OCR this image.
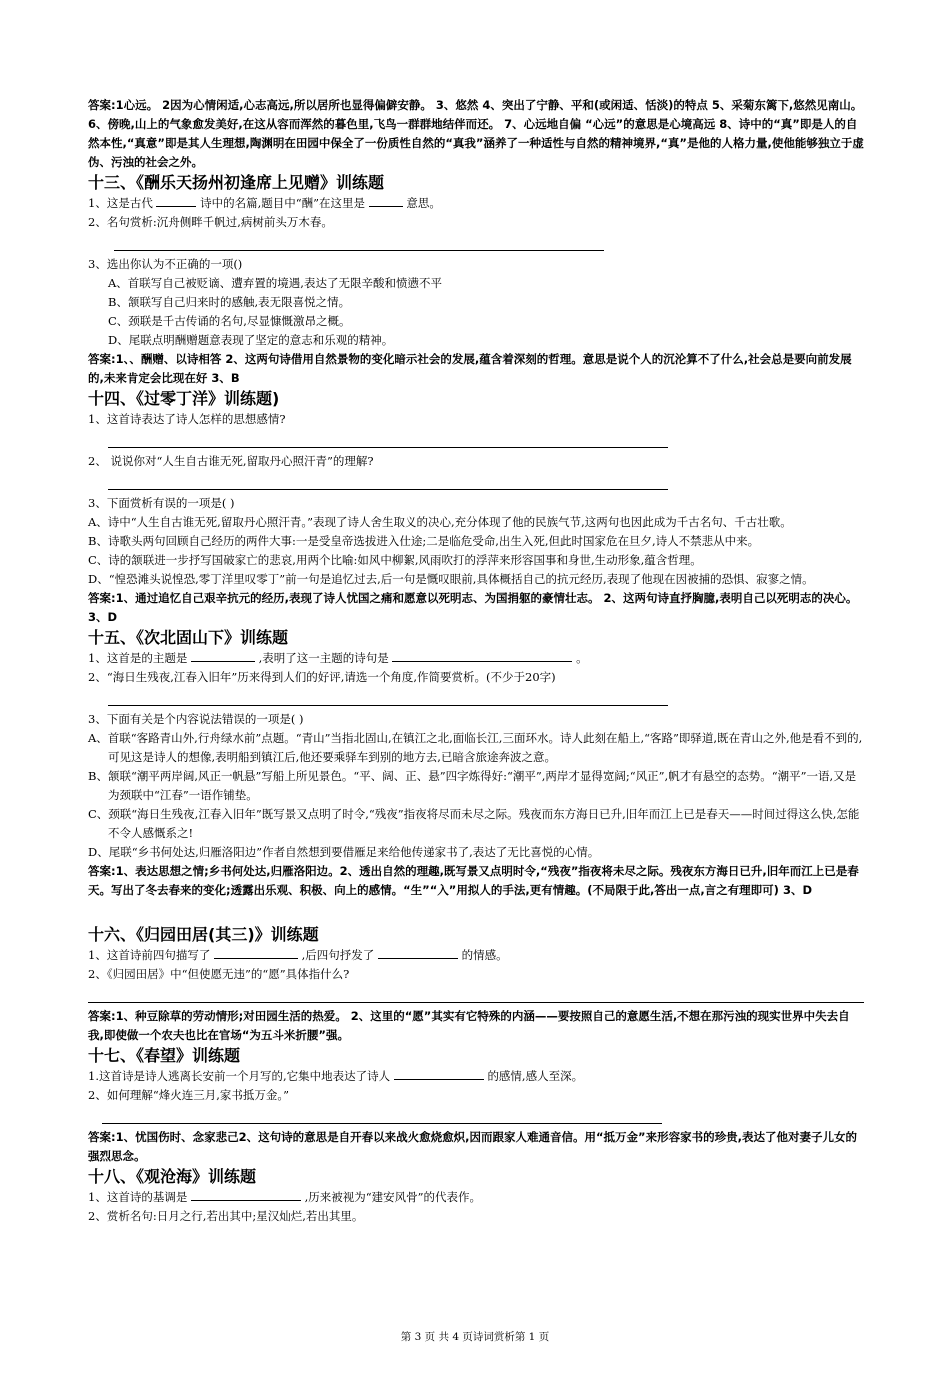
答案:1心远。 2因为心情闲适,心志高远,所以居所也显得偏僻安静。 3、悠然 4、突出了宁静、平和(或闲适、恬淡)的特点 5、采菊东篱下,悠然见南山。 6、傍晚,山上的气象愈发美好,在这从容而浑然的暮色里,飞鸟一群群地结伴而还。 7、心远地自偏 “心远”的意思是心境高远 8、诗中的“真”即是人的自然本性,“真意”即是其人生理想,陶渊明在田园中保全了一份质性自然的“真我”涵养了一种适性与自然的精神境界,“真”是他的人格力量,使他能够独立于虚伪、污浊的社会之外。

十三、《酬乐天扬州初逢席上见赠》训练题

1、这是古代	诗中的名篇,题目中“酬”在这里是	意思。

2、名句赏析:沉舟侧畔千帆过,病树前头万木春。

3、选出你认为不正确的一项()

A、首联写自己被贬谪、遭弃置的境遇,表达了无限辛酸和愤懑不平

B、颔联写自己归来时的感触,表无限喜悦之情。

C、颈联是千古传诵的名句,尽显慷慨激昂之概。

D、尾联点明酬赠题意表现了坚定的意志和乐观的精神。

答案:1、、酬赠、以诗相答 2、这两句诗借用自然景物的变化暗示社会的发展,蕴含着深刻的哲理。意思是说个人的沉沦算不了什么,社会总是要向前发展的,未来肯定会比现在好 3、B

十四、《过零丁洋》训练题)

1、这首诗表达了诗人怎样的思想感情?

2、 说说你对“人生自古谁无死,留取丹心照汗青”的理解?

3、下面赏析有误的一项是( )

A、诗中“人生自古谁无死,留取丹心照汗青。”表现了诗人舍生取义的决心,充分体现了他的民族气节,这两句也因此成为千古名句、千古壮歌。

B、诗歌头两句回顾自己经历的两件大事:一是受皇帝选拔进入仕途;二是临危受命,出生入死,但此时国家危在旦夕,诗人不禁悲从中来。

C、诗的颔联进一步抒写国破家亡的悲哀,用两个比喻:如风中柳絮,风雨吹打的浮萍来形容国事和身世,生动形象,蕴含哲理。

D、“惶恐滩头说惶恐,零丁洋里叹零丁”前一句是追忆过去,后一句是慨叹眼前,具体概括自己的抗元经历,表现了他现在因被捕的恐惧、寂寥之情。

答案:1、通过追忆自己艰辛抗元的经历,表现了诗人忧国之痛和愿意以死明志、为国捐躯的豪情壮志。 2、这两句诗直抒胸臆,表明自己以死明志的决心。 3、D

十五、《次北固山下》训练题

1、这首是的主题是	,表明了这一主题的诗句是	。

2、“海日生残夜,江春入旧年”历来得到人们的好评,请选一个角度,作简要赏析。(不少于20字)

3、下面有关是个内容说法错误的一项是( )

A、首联“客路青山外,行舟绿水前”点题。“青山”当指北固山,在镇江之北,面临长江,三面环水。诗人此刻在船上,“客路”即驿道,既在青山之外,他是看不到的,可见这是诗人的想像,表明船到镇江后,他还要乘驿车到别的地方去,已暗含旅途奔波之意。

B、颔联“潮平两岸阔,风正一帆悬”写船上所见景色。“平、阔、正、悬”四字炼得好:“潮平”,两岸才显得宽阔;“风正”,帆才有悬空的态势。“潮平”一语,又是为颈联中“江春”一语作铺垫。

C、颈联“海日生残夜,江春入旧年”既写景又点明了时令,“残夜”指夜将尽而未尽之际。残夜而东方海日已升,旧年而江上已是春天——时间过得这么快,怎能不令人感慨系之!

D、尾联“乡书何处达,归雁洛阳边”作者自然想到要借雁足来给他传递家书了,表达了无比喜悦的心情。

答案:1、表达思想之情;乡书何处达,归雁洛阳边。2、透出自然的理趣,既写景又点明时令,“残夜”指夜将未尽之际。残夜东方海日已升,旧年而江上已是春天。写出了冬去春来的变化;透露出乐观、积极、向上的感情。“生”“入”用拟人的手法,更有情趣。(不局限于此,答出一点,言之有理即可) 3、D

十六、《归园田居(其三)》训练题

1、这首诗前四句描写了	,后四句抒发了	的情感。

2、《归园田居》中“但使愿无违”的“愿”具体指什么?

答案:1、种豆除草的劳动情形;对田园生活的热爱。 2、这里的“愿”其实有它特殊的内涵——要按照自己的意愿生活,不想在那污浊的现实世界中失去自我,即使做一个农夫也比在官场“为五斗米折腰”强。

十七、《春望》训练题

1.这首诗是诗人逃离长安前一个月写的,它集中地表达了诗人	的感情,感人至深。

2、如何理解“烽火连三月,家书抵万金。”

答案:1、忧国伤时、念家悲己2、这句诗的意思是自开春以来战火愈烧愈炽,因而跟家人难通音信。用“抵万金”来形容家书的珍贵,表达了他对妻子儿女的强烈思念。

十八、《观沧海》训练题

1、这首诗的基调是	,历来被视为“建安风骨”的代表作。

2、赏析名句:日月之行,若出其中;星汉灿烂,若出其里。

第 3 页 共 4 页诗词赏析第 1 页
